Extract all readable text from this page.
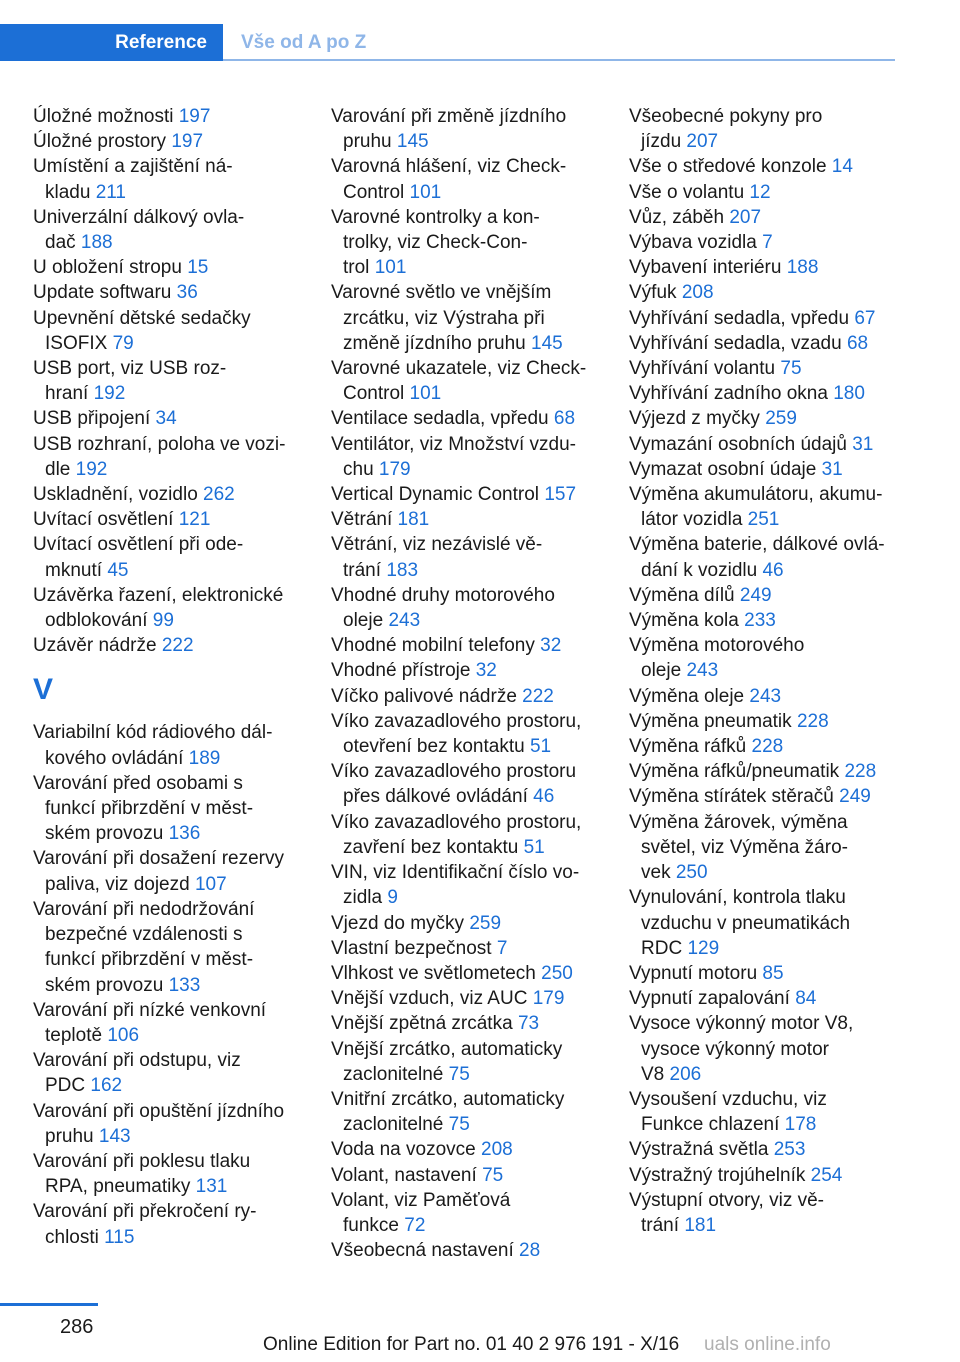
Reference	Vše od A po Z
Úložné možnosti 197
Úložné prostory 197
Umístění a zajištění ná-
kladu 211
Univerzální dálkový ovla-
dač 188
U obložení stropu 15
Update softwaru 36
Upevnění dětské sedačky
ISOFIX 79
USB port, viz USB roz-
hraní 192
USB připojení 34
USB rozhraní, poloha ve vozi-
dle 192
Uskladnění, vozidlo 262
Uvítací osvětlení 121
Uvítací osvětlení při ode-
mknutí 45
Uzávěrka řazení, elektronické
odblokování 99
Uzávěr nádrže 222
V
Variabilní kód rádiového dál-
kového ovládání 189
Varování před osobami s
funkcí přibrzdění v měst-
ském provozu 136
Varování při dosažení rezervy
paliva, viz dojezd 107
Varování při nedodržování
bezpečné vzdálenosti s
funkcí přibrzdění v měst-
ském provozu 133
Varování při nízké venkovní
teplotě 106
Varování při odstupu, viz
PDC 162
Varování při opuštění jízdního
pruhu 143
Varování při poklesu tlaku
RPA, pneumatiky 131
Varování při překročení ry-
chlosti 115
Varování při změně jízdního
pruhu 145
Varovná hlášení, viz Check-
Control 101
Varovné kontrolky a kon-
trolky, viz Check-Con-
trol 101
Varovné světlo ve vnějším
zrcátku, viz Výstraha při
změně jízdního pruhu 145
Varovné ukazatele, viz Check-
Control 101
Ventilace sedadla, vpředu 68
Ventilátor, viz Množství vzdu-
chu 179
Vertical Dynamic Control 157
Větrání 181
Větrání, viz nezávislé vě-
trání 183
Vhodné druhy motorového
oleje 243
Vhodné mobilní telefony 32
Vhodné přístroje 32
Víčko palivové nádrže 222
Víko zavazadlového prostoru,
otevření bez kontaktu 51
Víko zavazadlového prostoru
přes dálkové ovládání 46
Víko zavazadlového prostoru,
zavření bez kontaktu 51
VIN, viz Identifikační číslo vo-
zidla 9
Vjezd do myčky 259
Vlastní bezpečnost 7
Vlhkost ve světlometech 250
Vnější vzduch, viz AUC 179
Vnější zpětná zrcátka 73
Vnější zrcátko, automaticky
zaclonitelné 75
Vnitřní zrcátko, automaticky
zaclonitelné 75
Voda na vozovce 208
Volant, nastavení 75
Volant, viz Paměťová
funkce 72
Všeobecná nastavení 28
Všeobecné pokyny pro
jízdu 207
Vše o středové konzole 14
Vše o volantu 12
Vůz, záběh 207
Výbava vozidla 7
Vybavení interiéru 188
Výfuk 208
Vyhřívání sedadla, vpředu 67
Vyhřívání sedadla, vzadu 68
Vyhřívání volantu 75
Vyhřívání zadního okna 180
Výjezd z myčky 259
Vymazání osobních údajů 31
Vymazat osobní údaje 31
Výměna akumulátoru, akumu-
látor vozidla 251
Výměna baterie, dálkové ovlá-
dání k vozidlu 46
Výměna dílů 249
Výměna kola 233
Výměna motorového
oleje 243
Výměna oleje 243
Výměna pneumatik 228
Výměna ráfků 228
Výměna ráfků/pneumatik 228
Výměna stírátek stěračů 249
Výměna žárovek, výměna
světel, viz Výměna žáro-
vek 250
Vynulování, kontrola tlaku
vzduchu v pneumatikách
RDC 129
Vypnutí motoru 85
Vypnutí zapalování 84
Vysoce výkonný motor V8,
vysoce výkonný motor
V8 206
Vysoušení vzduchu, viz
Funkce chlazení 178
Výstražná světla 253
Výstražný trojúhelník 254
Výstupní otvory, viz vě-
trání 181
286
Online Edition for Part no. 01 40 2 976 191 - X/16 uals online.info
